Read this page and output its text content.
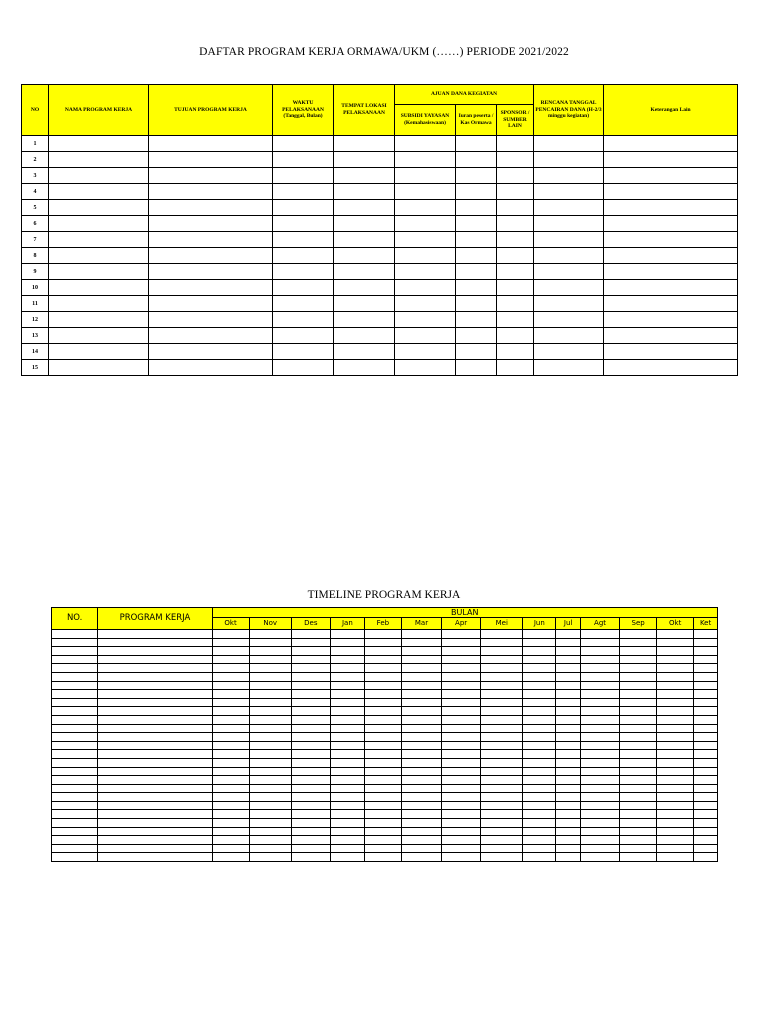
DAFTAR PROGRAM KERJA ORMAWA/UKM (……) PERIODE 2021/2022
NO	NAMA PROGRAM KERJA	TUJUAN PROGRAM KERJA	WAKTU PELAKSANAAN (Tanggal, Bulan)	TEMPAT LOKASI PELAKSANAAN	AJUAN DANA KEGIATAN			RENCANA TANGGAL PENCAIRAN DANA (H-2/3 minggu kegiatan)	Keterangan Lain
					SUBSIDI YAYASAN (Kemahasiswaan)	Iuran peserta / Kas Ormawa	SPONSOR / SUMBER LAIN		
1									
2									
3									
4									
5									
6									
7									
8									
9									
10									
11									
12									
13									
14									
15									
TIMELINE PROGRAM KERJA
NO.	PROGRAM KERJA	BULAN													
		Okt	Nov	Des	Jan	Feb	Mar	Apr	Mei	Jun	Jul	Agt	Sep	Okt	Ket
